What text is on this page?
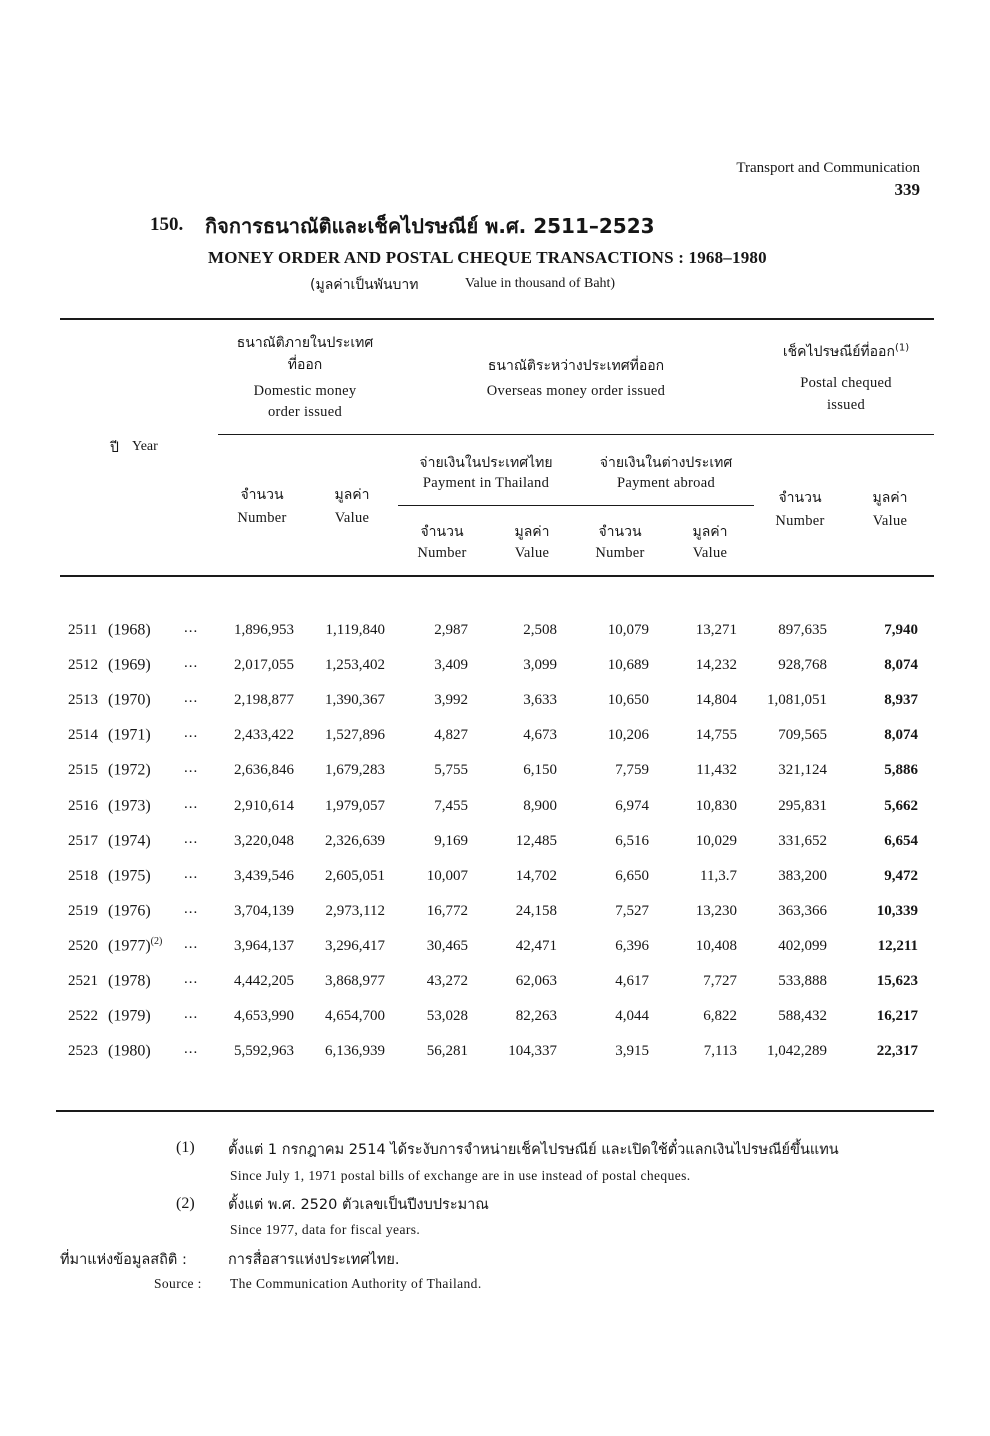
Transport and Communication
339
150. กิจการธนาณัติและเช็คไปรษณีย์ พ.ศ. 2511–2523
MONEY ORDER AND POSTAL CHEQUE TRANSACTIONS : 1968–1980
(มูลค่าเป็นพันบาท	Value in thousand of Baht)
ปี Year
ธนาณัติภายในประเทศ
ที่ออก
Domestic money
order issued
ธนาณัติระหว่างประเทศที่ออก
Overseas money order issued
เช็คไปรษณีย์ที่ออก$^{(1)}$
Postal chequed
issued
จ่ายเงินในประเทศไทย
Payment in Thailand
จ่ายเงินในต่างประเทศ
Payment abroad
จำนวน
Number
มูลค่า
Value
จำนวน
Number
มูลค่า
Value
จำนวน
Number
มูลค่า
Value
จำนวน
Number
มูลค่า
Value
2511 (1968) ... 1,896,953 1,119,840	2,987	2,508	10,079	13,271	897,635	7,940
2512 (1969) ... 2,017,055 1,253,402	3,409	3,099	10,689	14,232	928,768	8,074
2513 (1970) ... 2,198,877 1,390,367	3,992	3,633	10,650	14,804 1,081,051	8,937
2514 (1971) ... 2,433,422 1,527,896	4,827	4,673	10,206	14,755	709,565	8,074
2515 (1972) ... 2,636,846 1,679,283	5,755	6,150	7,759	11,432	321,124	5,886
2516 (1973) ... 2,910,614 1,979,057	7,455	8,900	6,974	10,830	295,831	5,662
2517 (1974) ... 3,220,048 2,326,639	9,169	12,485	6,516	10,029	331,652	6,654
2518 (1975) ... 3,439,546 2,605,051	10,007	14,702	6,650	11,3.7	383,200	9,472
2519 (1976) ... 3,704,139 2,973,112	16,772	24,158	7,527	13,230	363,366	10,339
2520 $(1977)^{(2)}$ ... 3,964,137 3,296,417	30,465	42,471	6,396	10,408	402,099	12,211
2521 (1978) ... 4,442,205 3,868,977	43,272	62,063	4,617	7,727	533,888	15,623
2522 (1979) ... 4,653,990 4,654,700	53,028	82,263	4,044	6,822	588,432	16,217
2523 (1980) ... 5,592,963 6,136,939	56,281	104,337	3,915	7,113 1,042,289	22,317
(1) ตั้งแต่ 1 กรกฎาคม 2514 ได้ระงับการจำหน่ายเช็คไปรษณีย์ และเปิดใช้ตั๋วแลกเงินไปรษณีย์ขึ้นแทน
Since July 1, 1971 postal bills of exchange are in use instead of postal cheques.
(2) ตั้งแต่ พ.ศ. 2520 ตัวเลขเป็นปีงบประมาณ
Since 1977, data for fiscal years.
ที่มาแห่งข้อมูลสถิติ :	การสื่อสารแห่งประเทศไทย.
Source : The Communication Authority of Thailand.
